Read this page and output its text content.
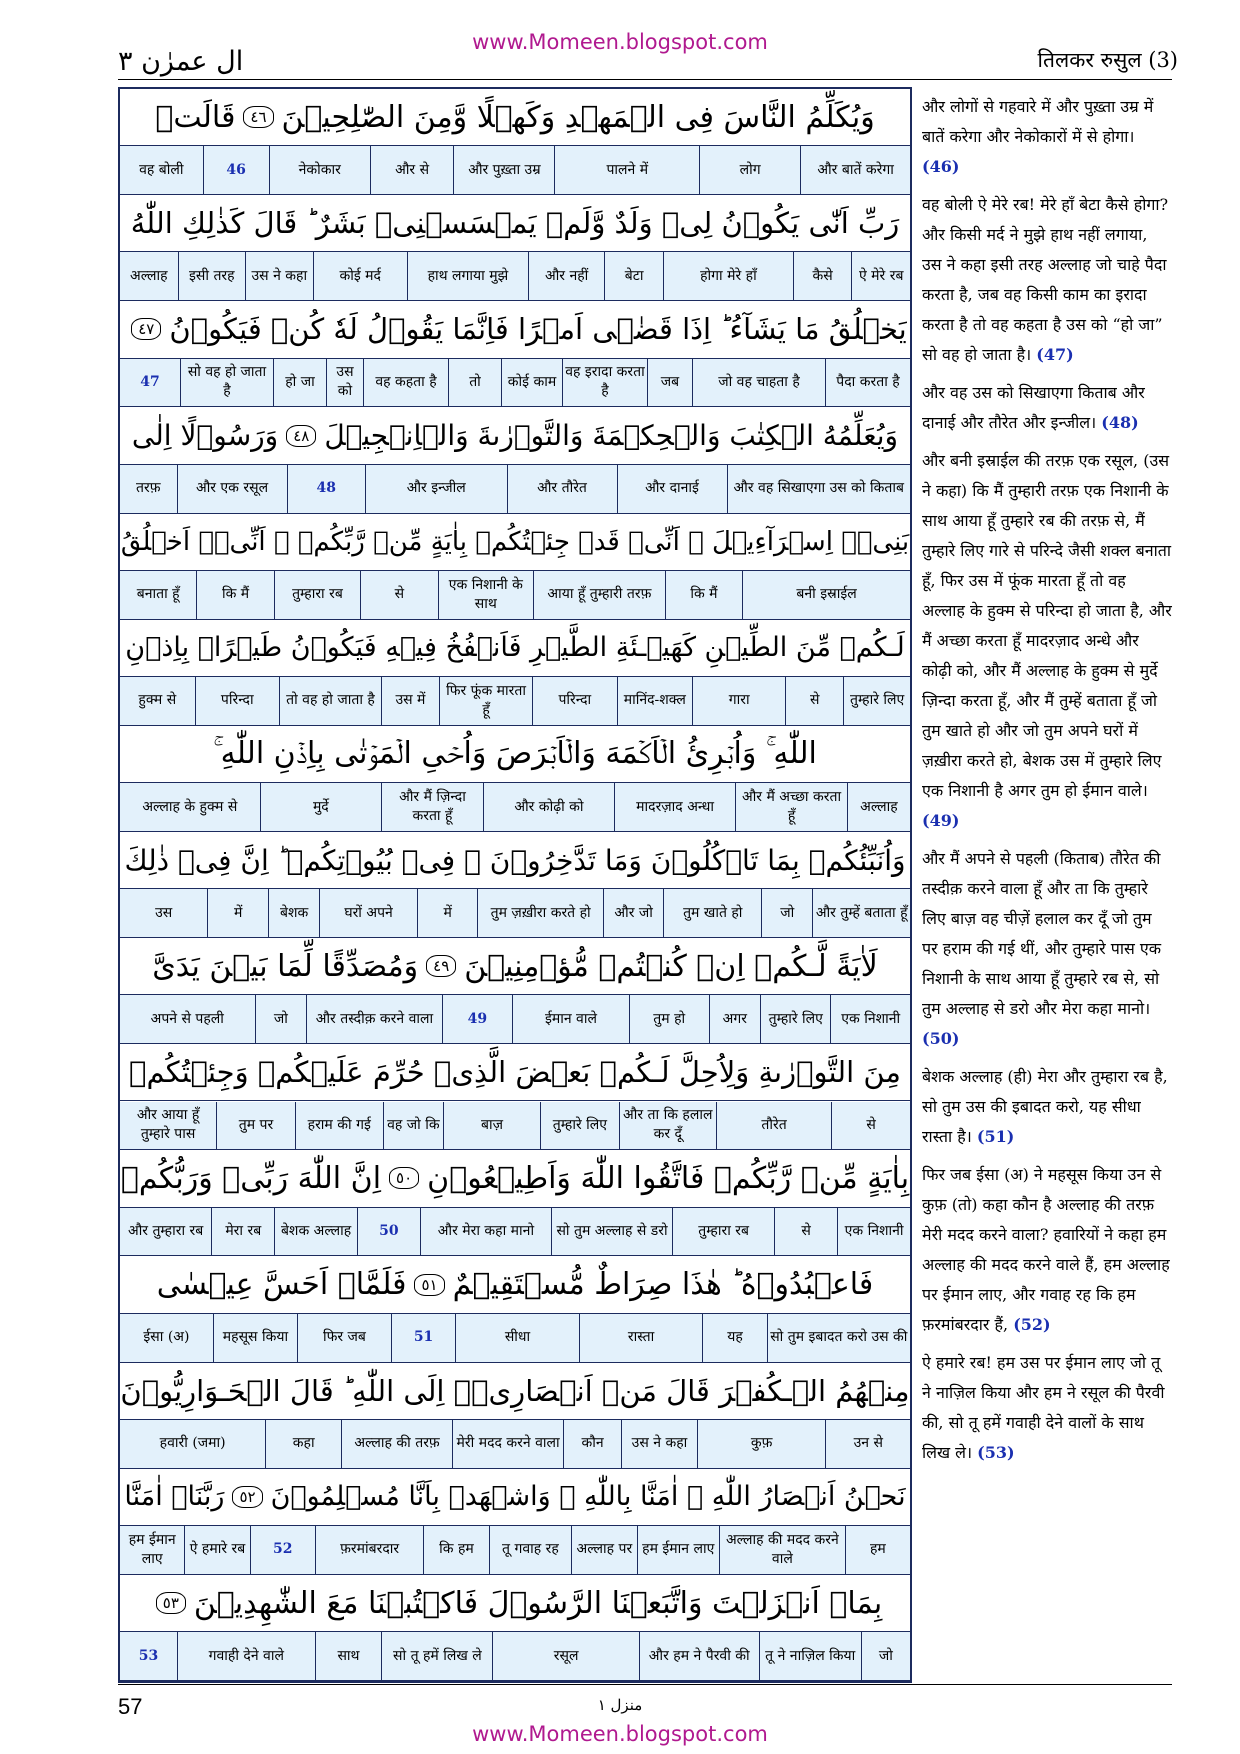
www.Momeen.blogspot.com
ال عمرٰن ٣	तिलकर रुसुल (3)
وَيُكَلِّمُ النَّاسَ فِى الۡمَهۡدِ وَكَهۡلًا وَّمِنَ الصّٰلِحِيۡنَ
٤٦
قَالَتۡ
और बातें करेगा
लोग
पालने में
और पुख़्ता उम्र
और से
नेकोकार
46
वह बोली
رَبِّ اَنّٰى يَكُوۡنُ لِىۡ وَلَدٌ وَّلَمۡ يَمۡسَسۡنِىۡ بَشَرٌ ؕ قَالَ كَذٰلِكِ اللّٰهُ
ऐ मेरे रब
कैसे
होगा मेरे हाँ
बेटा
और नहीं
हाथ लगाया मुझे
कोई मर्द
उस ने कहा
इसी तरह
अल्लाह
يَخۡلُقُ مَا يَشَآءُ ؕ اِذَا قَضٰۤى اَمۡرًا فَاِنَّمَا يَقُوۡلُ لَهٗ كُنۡ فَيَكُوۡنُ
٤٧
पैदा करता है
जो वह चाहता है
जब
वह इरादा करता है
कोई काम
तो
वह कहता है
उस को
हो जा
सो वह हो जाता है
47
وَيُعَلِّمُهُ الۡكِتٰبَ وَالۡحِكۡمَةَ وَالتَّوۡرٰٮةَ وَالۡاِنۡجِيۡلَ
٤٨
وَرَسُوۡلًا اِلٰى
और वह सिखाएगा उस को किताब
और दानाई
और तौरेत
और इन्जील
48
और एक रसूल
तरफ़
بَنِىۡۤ اِسۡرَآءِيۡلَ ۙ اَنِّىۡ قَدۡ جِئۡتُكُمۡ بِاٰيَةٍ مِّنۡ رَّبِّكُمۡ ۙ اَنِّىۡۤ اَخۡلُقُ
बनी इस्राईल
कि मैं
आया हूँ तुम्हारी तरफ़
एक निशानी के साथ
से
तुम्हारा रब
कि मैं
बनाता हूँ
لَـكُمۡ مِّنَ الطِّيۡنِ كَهَیۡـئَةِ الطَّيۡرِ فَاَنۡفُخُ فِيۡهِ فَيَكُوۡنُ طَيۡرًاۢ بِاِذۡنِ
तुम्हारे लिए
से
गारा
मानिंद-शक्ल
परिन्दा
फिर फूंक मारता हूँ
उस में
तो वह हो जाता है
परिन्दा
हुक्म से
اللّٰهِ ۚ وَاُبۡرِئُ الۡاَكۡمَهَ وَالۡاَبۡرَصَ وَاُحۡىِ الۡمَوۡتٰى بِاِذۡنِ اللّٰهِ ۚ
अल्लाह
और मैं अच्छा करता हूँ
मादरज़ाद अन्धा
और कोढ़ी को
और मैं ज़िन्दा करता हूँ
मुर्दे
अल्लाह के हुक्म से
وَاُنَبِّئُكُمۡ بِمَا تَاۡكُلُوۡنَ وَمَا تَدَّخِرُوۡنَ ۙ فِىۡ بُيُوۡتِكُمۡ ؕ اِنَّ فِىۡ ذٰلِكَ
और तुम्हें बताता हूँ
जो
तुम खाते हो
और जो
तुम ज़ख़ीरा करते हो
में
घरों अपने
बेशक
में
उस
لَاٰيَةً لَّـكُمۡ اِنۡ كُنۡتُمۡ مُّؤۡمِنِيۡنَ
٤٩
وَمُصَدِّقًا لِّمَا بَيۡنَ يَدَىَّ
एक निशानी
तुम्हारे लिए
अगर
तुम हो
ईमान वाले
49
और तस्दीक़ करने वाला
जो
अपने से पहली
مِنَ التَّوۡرٰٮةِ وَلِاُحِلَّ لَـكُمۡ بَعۡضَ الَّذِىۡ حُرِّمَ عَلَيۡكُمۡ وَجِئۡتُكُمۡ
से
तौरेत
और ता कि हलाल कर दूँ
तुम्हारे लिए
बाज़
वह जो कि
हराम की गई
तुम पर
और आया हूँ तुम्हारे पास
بِاٰيَةٍ مِّنۡ رَّبِّكُمۡ فَاتَّقُوا اللّٰهَ وَاَطِيۡعُوۡنِ
٥٠
اِنَّ اللّٰهَ رَبِّىۡ وَرَبُّكُمۡ
एक निशानी
से
तुम्हारा रब
सो तुम अल्लाह से डरो
और मेरा कहा मानो
50
बेशक अल्लाह
मेरा रब
और तुम्हारा रब
فَاعۡبُدُوۡهُ ؕ هٰذَا صِرَاطٌ مُّسۡتَقِيۡمٌ
٥١
فَلَمَّاۤ اَحَسَّ عِيۡسٰى
सो तुम इबादत करो उस की
यह
रास्ता
सीधा
51
फिर जब
महसूस किया
ईसा (अ)
مِنۡهُمُ الۡـكُفۡرَ قَالَ مَنۡ اَنۡصَارِىۡۤ اِلَى اللّٰهِ ؕ قَالَ الۡحَـوَارِيُّوۡنَ
उन से
कुफ़
उस ने कहा
कौन
मेरी मदद करने वाला
अल्लाह की तरफ़
कहा
हवारी (जमा)
نَحۡنُ اَنۡصَارُ اللّٰهِ ۚ اٰمَنَّا بِاللّٰهِ ۚ وَاشۡهَدۡ بِاَنَّا مُسۡلِمُوۡنَ
٥٢
رَبَّنَاۤ اٰمَنَّا
हम
अल्लाह की मदद करने वाले
हम ईमान लाए
अल्लाह पर
तू गवाह रह
कि हम
फ़रमांबरदार
52
ऐ हमारे रब
हम ईमान लाए
بِمَاۤ اَنۡزَلۡتَ وَاتَّبَعۡنَا الرَّسُوۡلَ فَاكۡتُبۡنَا مَعَ الشّٰهِدِيۡنَ
٥٣
जो
तू ने नाज़िल किया
और हम ने पैरवी की
रसूल
सो तू हमें लिख ले
साथ
गवाही देने वाले
53
और लोगों से गहवारे में और पुख़्ता उम्र में बातें करेगा और नेकोकारों में से होगा। (46)
वह बोली ऐ मेरे रब! मेरे हाँ बेटा कैसे होगा? और किसी मर्द ने मुझे हाथ नहीं लगाया, उस ने कहा इसी तरह अल्लाह जो चाहे पैदा करता है, जब वह किसी काम का इरादा करता है तो वह कहता है उस को “हो जा” सो वह हो जाता है। (47)
और वह उस को सिखाएगा किताब और दानाई और तौरेत और इन्जील। (48)
और बनी इस्राईल की तरफ़ एक रसूल, (उस ने कहा) कि मैं तुम्हारी तरफ़ एक निशानी के साथ आया हूँ तुम्हारे रब की तरफ़ से, मैं तुम्हारे लिए गारे से परिन्दे जैसी शक्ल बनाता हूँ, फिर उस में फूंक मारता हूँ तो वह अल्लाह के हुक्म से परिन्दा हो जाता है, और मैं अच्छा करता हूँ मादरज़ाद अन्धे और कोढ़ी को, और मैं अल्लाह के हुक्म से मुर्दे ज़िन्दा करता हूँ, और मैं तुम्हें बताता हूँ जो तुम खाते हो और जो तुम अपने घरों में ज़ख़ीरा करते हो, बेशक उस में तुम्हारे लिए एक निशानी है अगर तुम हो ईमान वाले। (49)
और मैं अपने से पहली (किताब) तौरेत की तस्दीक़ करने वाला हूँ और ता कि तुम्हारे लिए बाज़ वह चीज़ें हलाल कर दूँ जो तुम पर हराम की गई थीं, और तुम्हारे पास एक निशानी के साथ आया हूँ तुम्हारे रब से, सो तुम अल्लाह से डरो और मेरा कहा मानो। (50)
बेशक अल्लाह (ही) मेरा और तुम्हारा रब है, सो तुम उस की इबादत करो, यह सीधा रास्ता है। (51)
फिर जब ईसा (अ) ने महसूस किया उन से कुफ़ (तो) कहा कौन है अल्लाह की तरफ़ मेरी मदद करने वाला? हवारियों ने कहा हम अल्लाह की मदद करने वाले हैं, हम अल्लाह पर ईमान लाए, और गवाह रह कि हम फ़रमांबरदार हैं, (52)
ऐ हमारे रब! हम उस पर ईमान लाए जो तू ने नाज़िल किया और हम ने रसूल की पैरवी की, सो तू हमें गवाही देने वालों के साथ लिख ले। (53)
57	منزل ١
www.Momeen.blogspot.com
